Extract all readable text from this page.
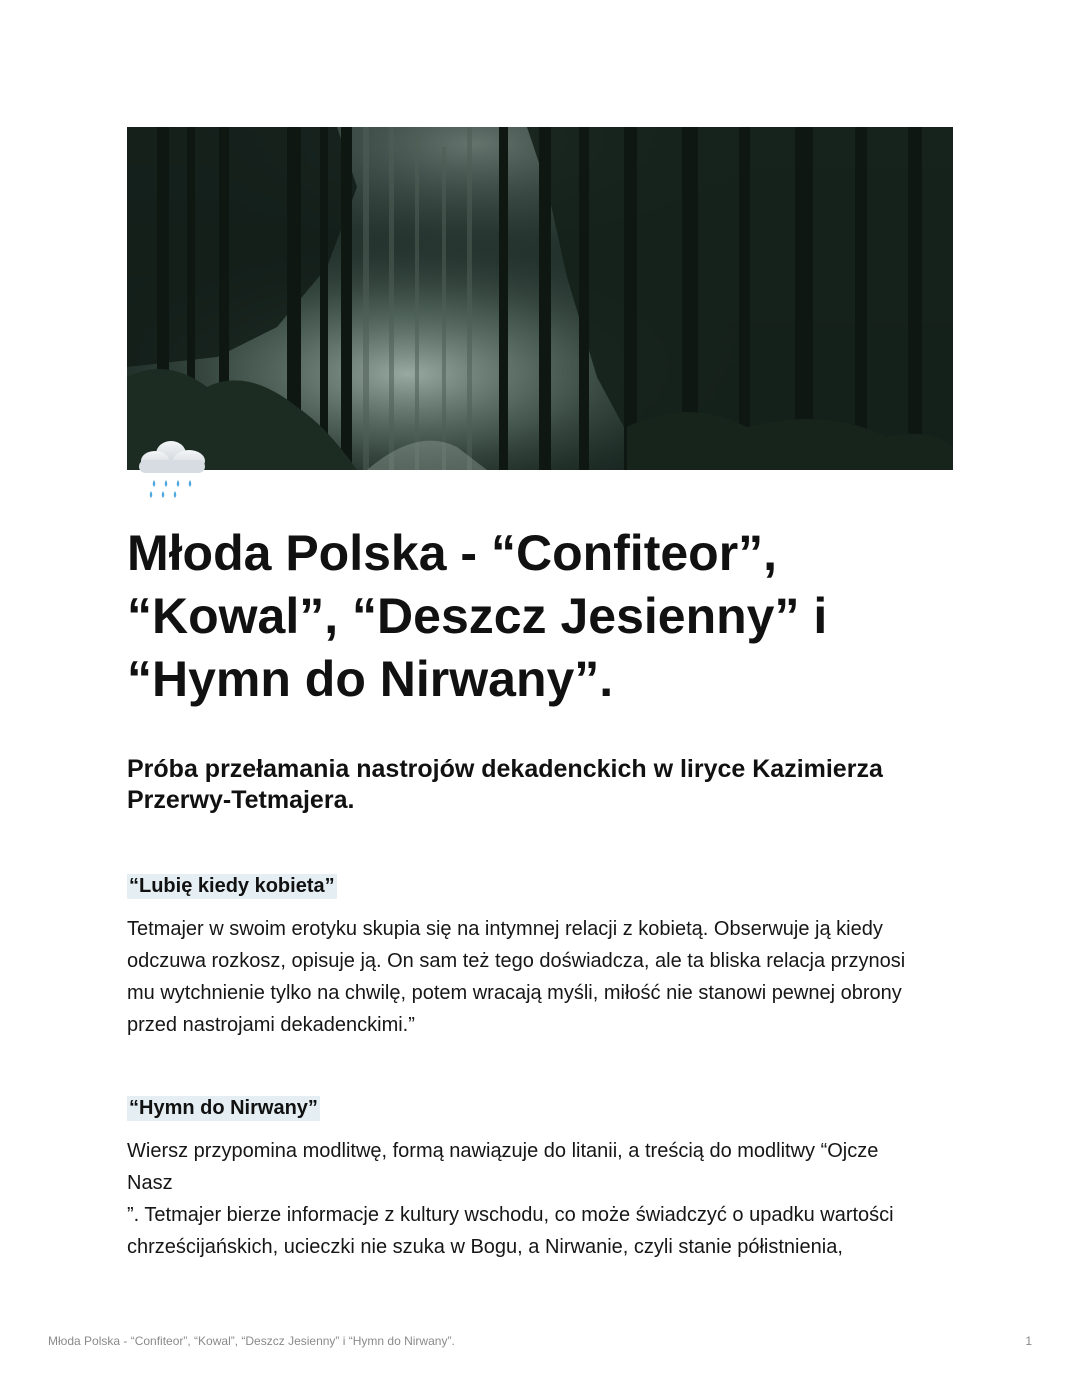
Młoda Polska - “Confiteor”,
“Kowal”, “Deszcz Jesienny” i
“Hymn do Nirwany”.
Próba przełamania nastrojów dekadenckich w liryce Kazimierza
Przerwy-Tetmajera.
“Lubię kiedy kobieta”

Tetmajer w swoim erotyku skupia się na intymnej relacji z kobietą. Obserwuje ją kiedy
odczuwa rozkosz, opisuje ją. On sam też tego doświadcza, ale ta bliska relacja przynosi
mu wytchnienie tylko na chwilę, potem wracają myśli, miłość nie stanowi pewnej obrony
przed nastrojami dekadenckimi.”

“Hymn do Nirwany”

Wiersz przypomina modlitwę, formą nawiązuje do litanii, a treścią do modlitwy “Ojcze
Nasz
”. Tetmajer bierze informacje z kultury wschodu, co może świadczyć o upadku wartości
chrześcijańskich, ucieczki nie szuka w Bogu, a Nirwanie, czyli stanie półistnienia,

Młoda Polska - “Confiteor”, “Kowal”, “Deszcz Jesienny” i “Hymn do Nirwany”.	1
